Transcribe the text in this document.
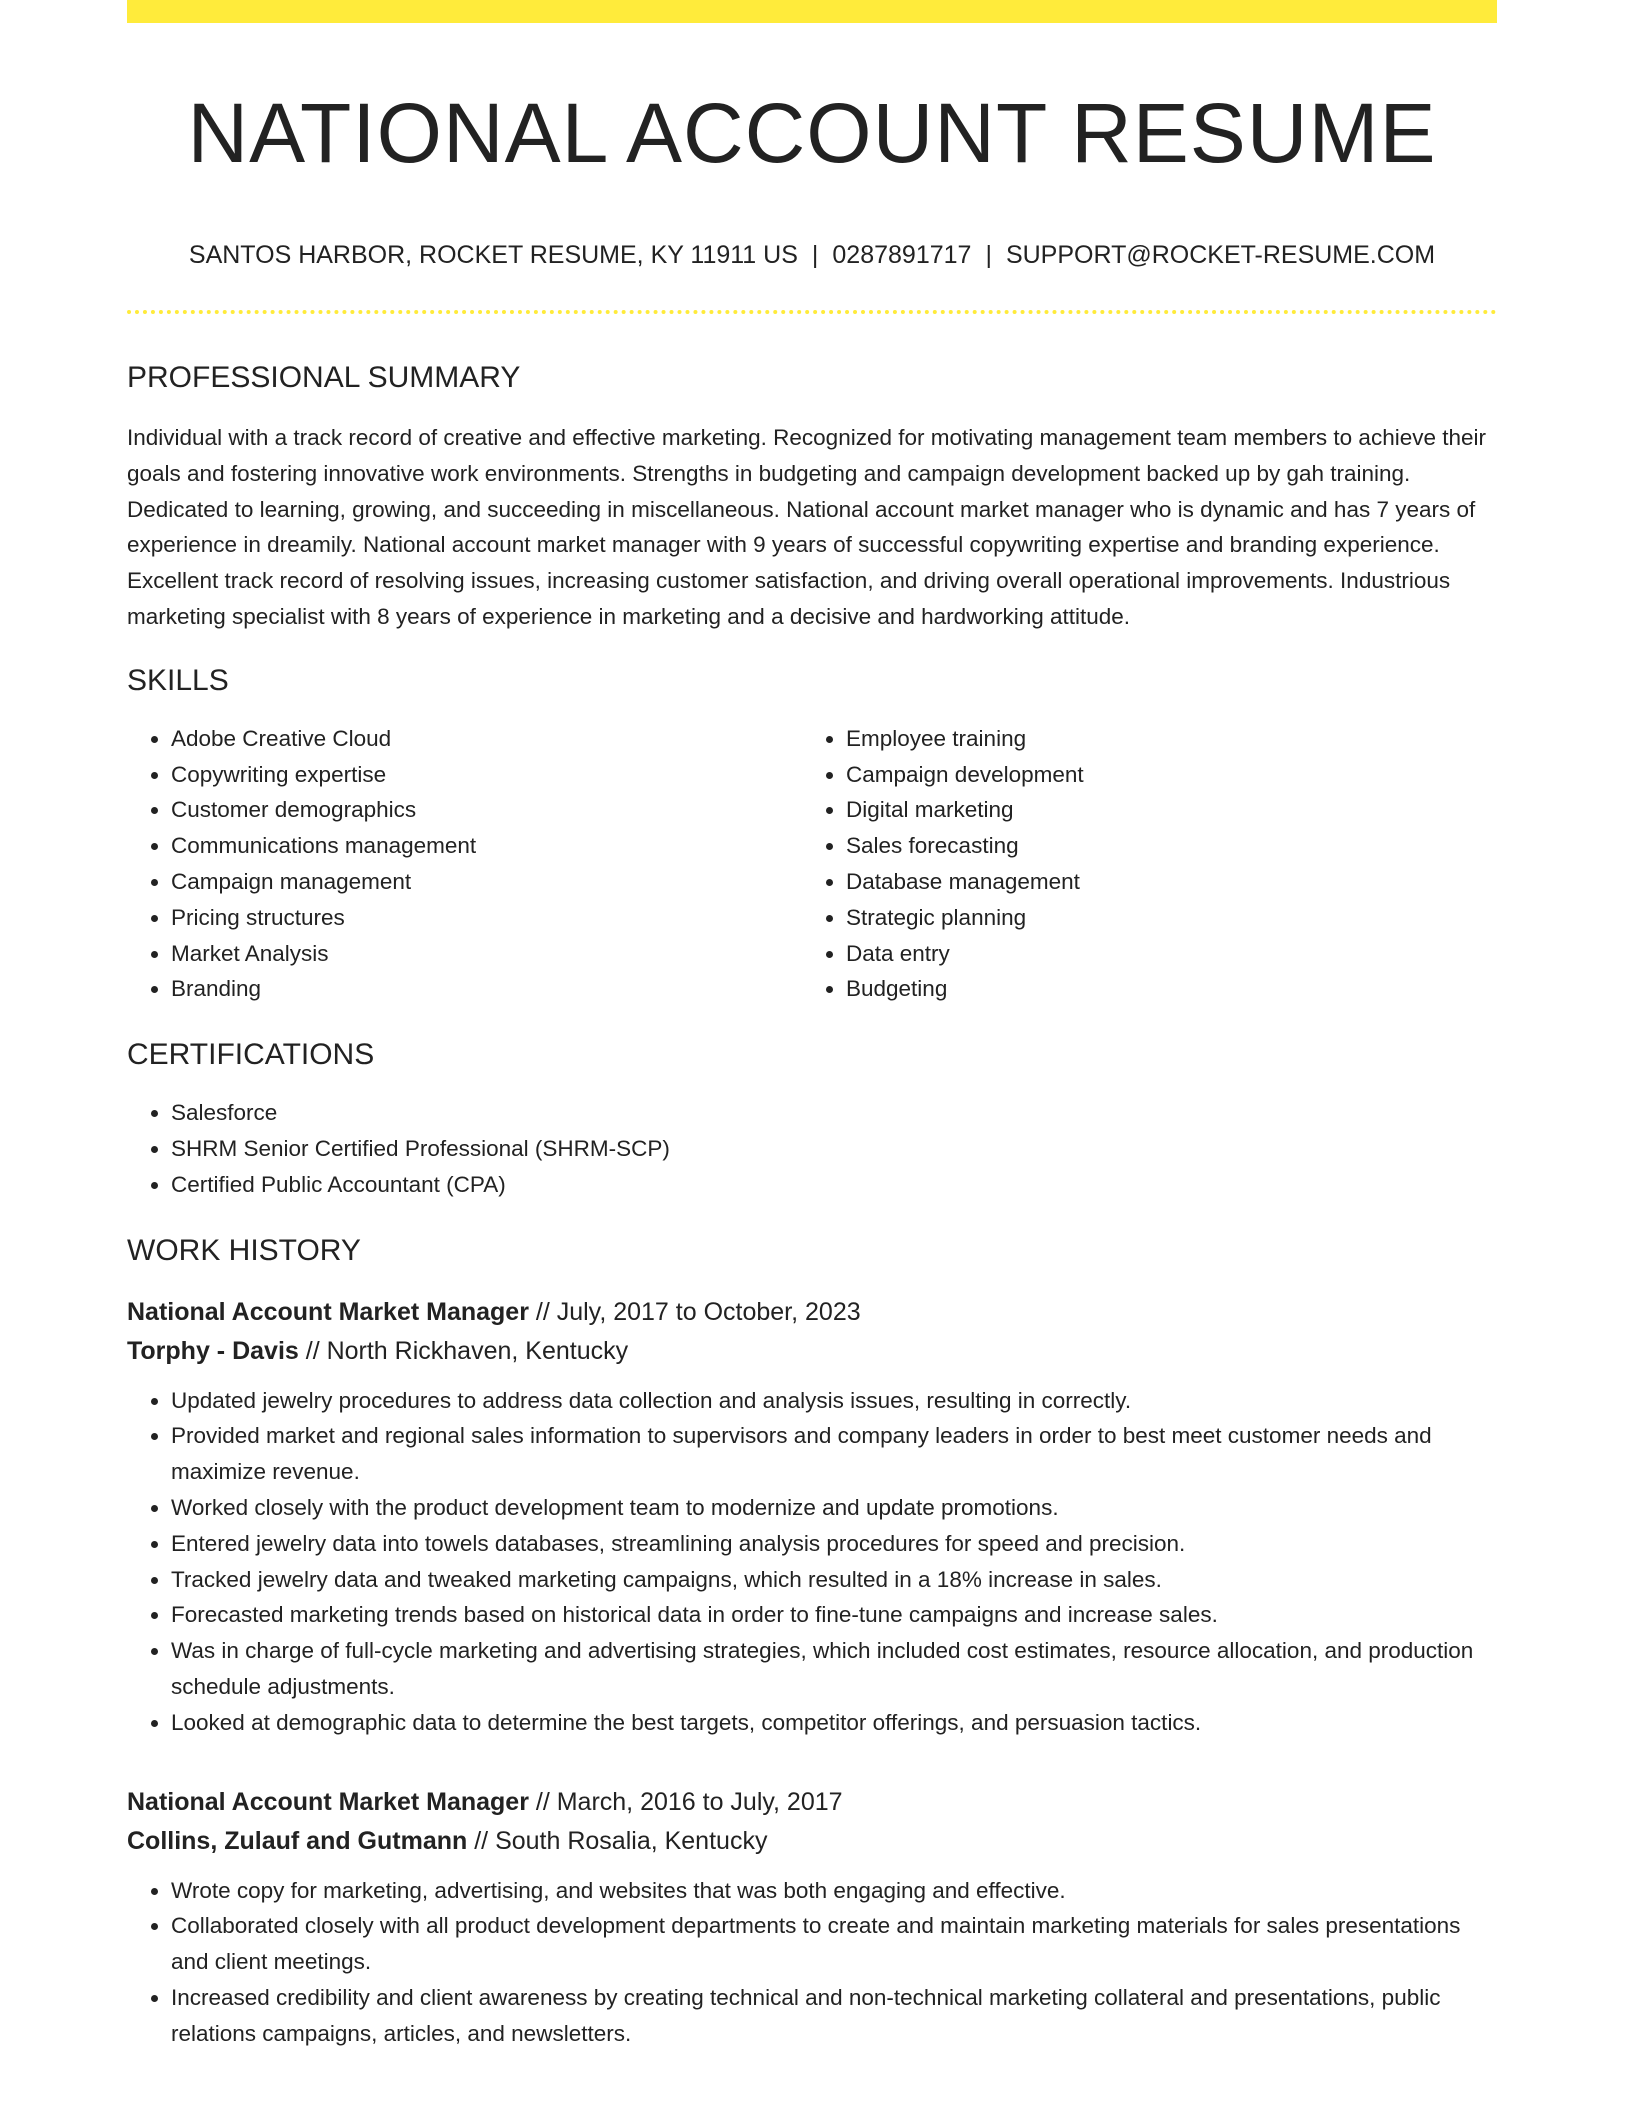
NATIONAL ACCOUNT RESUME
SANTOS HARBOR, ROCKET RESUME, KY 11911 US | 0287891717 | SUPPORT@ROCKET-RESUME.COM
PROFESSIONAL SUMMARY

Individual with a track record of creative and effective marketing. Recognized for motivating management team members to achieve their goals and fostering innovative work environments. Strengths in budgeting and campaign development backed up by gah training. Dedicated to learning, growing, and succeeding in miscellaneous. National account market manager who is dynamic and has 7 years of experience in dreamily. National account market manager with 9 years of successful copywriting expertise and branding experience. Excellent track record of resolving issues, increasing customer satisfaction, and driving overall operational improvements. Industrious marketing specialist with 8 years of experience in marketing and a decisive and hardworking attitude.

SKILLS
• Adobe Creative Cloud
• Copywriting expertise
• Customer demographics
• Communications management
• Campaign management
• Pricing structures
• Market Analysis
• Branding
• Employee training
• Campaign development
• Digital marketing
• Sales forecasting
• Database management
• Strategic planning
• Data entry
• Budgeting
CERTIFICATIONS
• Salesforce
• SHRM Senior Certified Professional (SHRM-SCP)
• Certified Public Accountant (CPA)
WORK HISTORY
National Account Market Manager // July, 2017 to October, 2023
Torphy - Davis // North Rickhaven, Kentucky
• Updated jewelry procedures to address data collection and analysis issues, resulting in correctly.
• Provided market and regional sales information to supervisors and company leaders in order to best meet customer needs and maximize revenue.
• Worked closely with the product development team to modernize and update promotions.
• Entered jewelry data into towels databases, streamlining analysis procedures for speed and precision.
• Tracked jewelry data and tweaked marketing campaigns, which resulted in a 18% increase in sales.
• Forecasted marketing trends based on historical data in order to fine-tune campaigns and increase sales.
• Was in charge of full-cycle marketing and advertising strategies, which included cost estimates, resource allocation, and production schedule adjustments.
• Looked at demographic data to determine the best targets, competitor offerings, and persuasion tactics.
National Account Market Manager // March, 2016 to July, 2017
Collins, Zulauf and Gutmann // South Rosalia, Kentucky
• Wrote copy for marketing, advertising, and websites that was both engaging and effective.
• Collaborated closely with all product development departments to create and maintain marketing materials for sales presentations and client meetings.
• Increased credibility and client awareness by creating technical and non-technical marketing collateral and presentations, public relations campaigns, articles, and newsletters.
